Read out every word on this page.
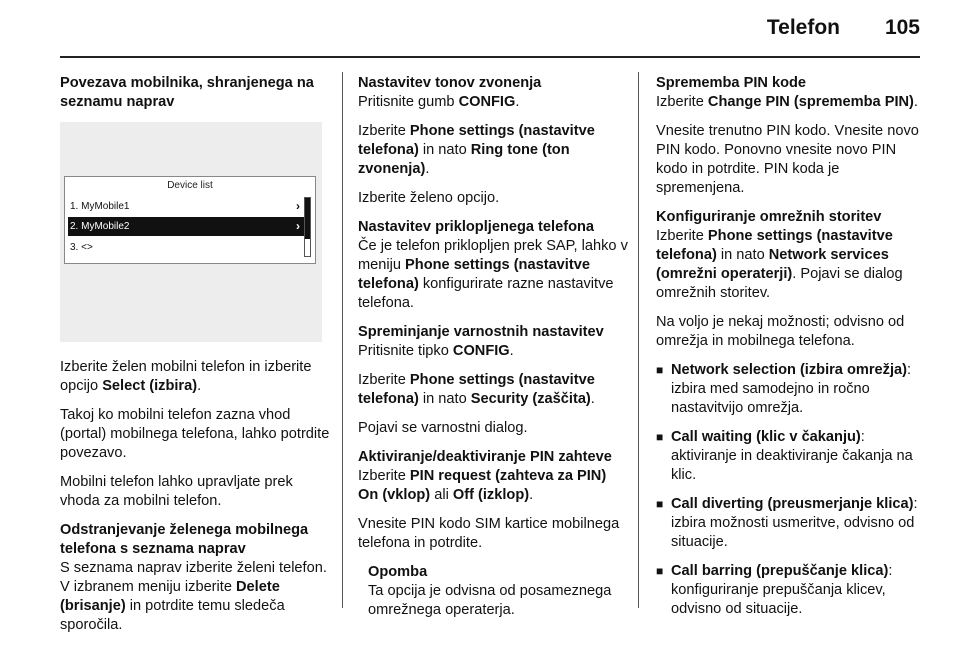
Telefon 105
Povezava mobilnika, shranjenega na seznamu naprav
Device list
1. MyMobile1	›
2. MyMobile2	›
3. <>

Izberite želen mobilni telefon in izberite opcijo Select (izbira).

Takoj ko mobilni telefon zazna vhod (portal) mobilnega telefona, lahko potrdite povezavo.

Mobilni telefon lahko upravljate prek vhoda za mobilni telefon.

Odstranjevanje želenega mobilnega telefona s seznama naprav

S seznama naprav izberite želeni telefon. V izbranem meniju izberite Delete (brisanje) in potrdite temu sledeča sporočila.

Nastavitev tonov zvonenja

Pritisnite gumb CONFIG.

Izberite Phone settings (nastavitve telefona) in nato Ring tone (ton zvonenja).

Izberite želeno opcijo.

Nastavitev priklopljenega telefona

Če je telefon priklopljen prek SAP, lahko v meniju Phone settings (nastavitve telefona) konfigurirate razne nastavitve telefona.

Spreminjanje varnostnih nastavitev

Pritisnite tipko CONFIG.

Izberite Phone settings (nastavitve telefona) in nato Security (zaščita).

Pojavi se varnostni dialog.

Aktiviranje/deaktiviranje PIN zahteve

Izberite PIN request (zahteva za PIN) On (vklop) ali Off (izklop).

Vnesite PIN kodo SIM kartice mobilnega telefona in potrdite.

Opomba
Ta opcija je odvisna od posameznega omrežnega operaterja.
Sprememba PIN kode

Izberite Change PIN (sprememba PIN).

Vnesite trenutno PIN kodo. Vnesite novo PIN kodo. Ponovno vnesite novo PIN kodo in potrdite. PIN koda je spremenjena.

Konfiguriranje omrežnih storitev

Izberite Phone settings (nastavitve telefona) in nato Network services (omrežni operaterji). Pojavi se dialog omrežnih storitev.

Na voljo je nekaj možnosti; odvisno od omrežja in mobilnega telefona.

■ Network selection (izbira omrežja): izbira med samodejno in ročno nastavitvijo omrežja.
■ Call waiting (klic v čakanju): aktiviranje in deaktiviranje čakanja na klic.
■ Call diverting (preusmerjanje klica): izbira možnosti usmeritve, odvisno od situacije.
■ Call barring (prepuščanje klica): konfiguriranje prepuščanja klicev, odvisno od situacije.
